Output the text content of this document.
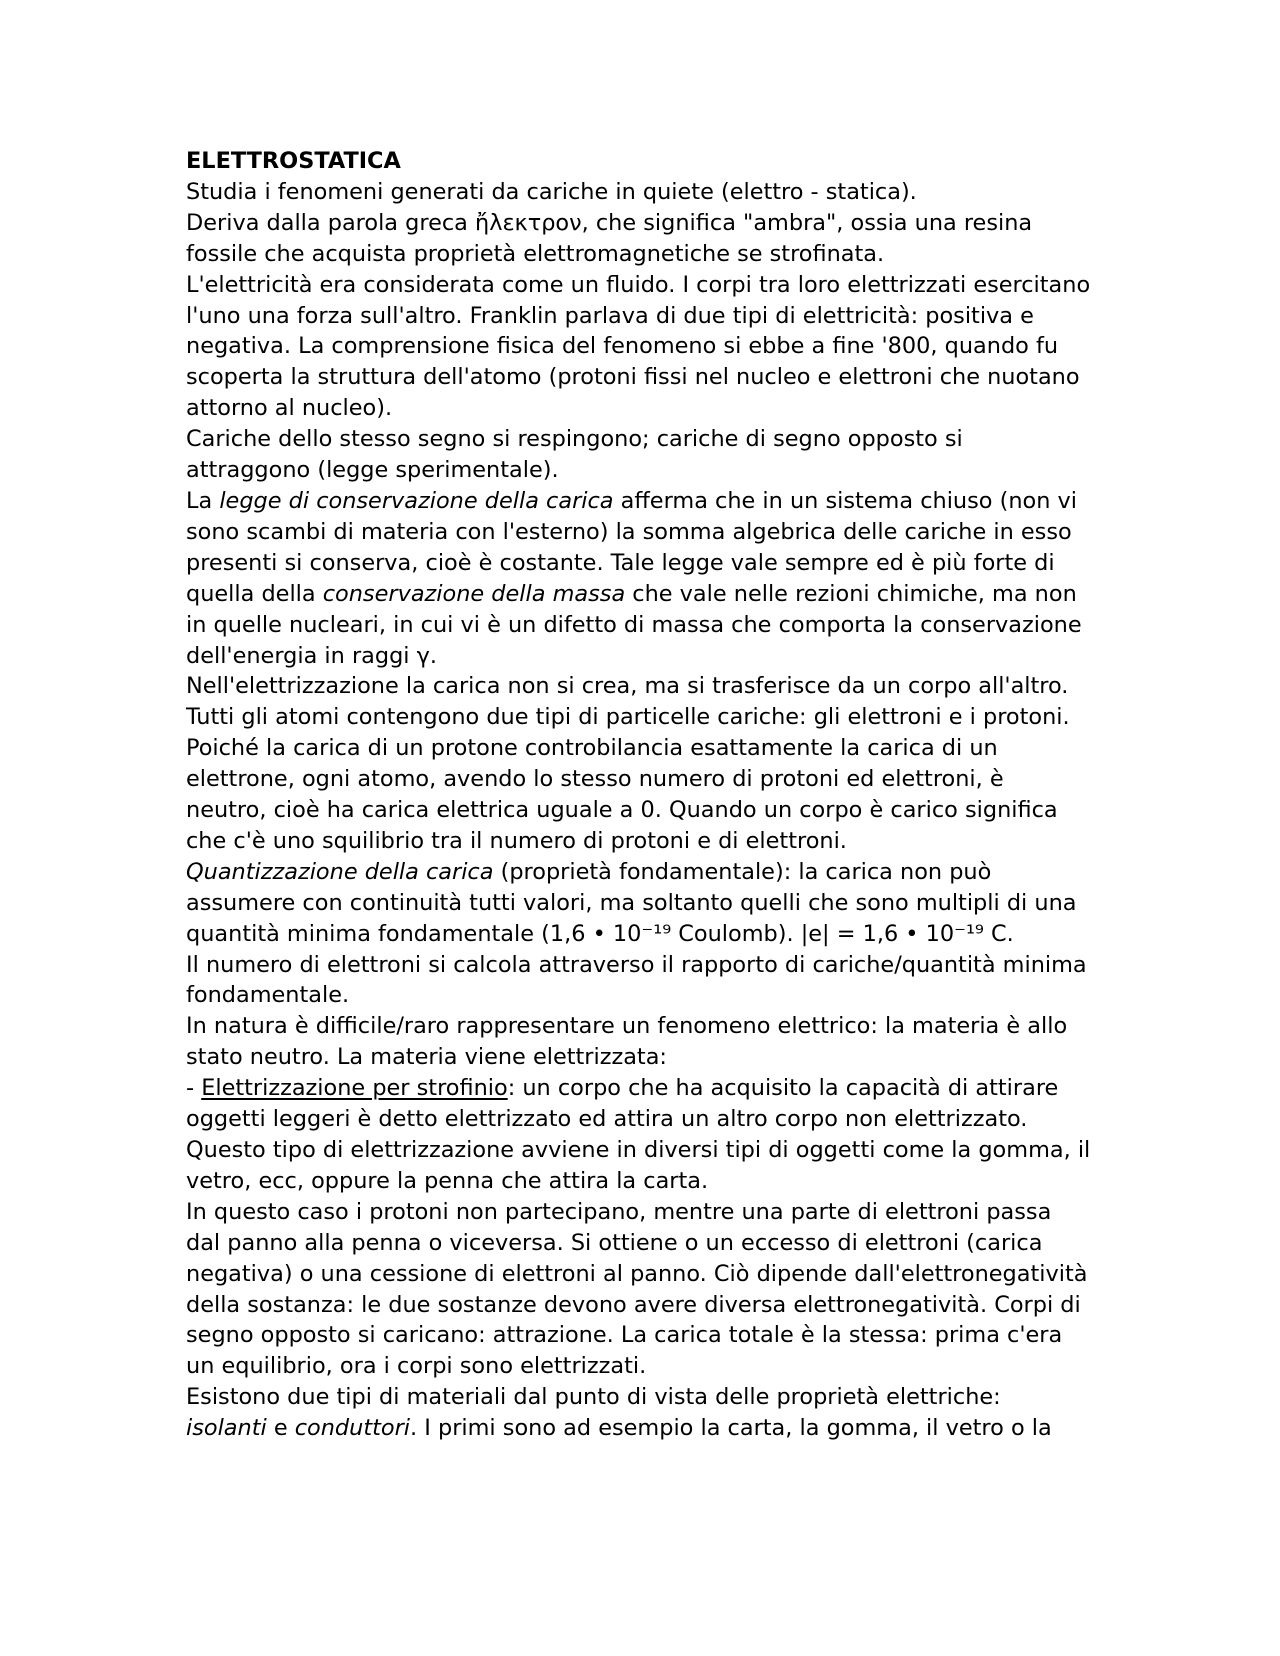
ELETTROSTATICA

Studia i fenomeni generati da cariche in quiete (elettro - statica).

Deriva dalla parola greca ἤλεκτρον, che significa "ambra", ossia una resina fossile che acquista proprietà elettromagnetiche se strofinata.

L'elettricità era considerata come un fluido. I corpi tra loro elettrizzati esercitano l'uno una forza sull'altro. Franklin parlava di due tipi di elettricità: positiva e negativa. La comprensione fisica del fenomeno si ebbe a fine '800, quando fu scoperta la struttura dell'atomo (protoni fissi nel nucleo e elettroni che nuotano attorno al nucleo).

Cariche dello stesso segno si respingono; cariche di segno opposto si attraggono (legge sperimentale).

La legge di conservazione della carica afferma che in un sistema chiuso (non vi sono scambi di materia con l'esterno) la somma algebrica delle cariche in esso presenti si conserva, cioè è costante. Tale legge vale sempre ed è più forte di quella della conservazione della massa che vale nelle rezioni chimiche, ma non in quelle nucleari, in cui vi è un difetto di massa che comporta la conservazione dell'energia in raggi γ.

Nell'elettrizzazione la carica non si crea, ma si trasferisce da un corpo all'altro.

Tutti gli atomi contengono due tipi di particelle cariche: gli elettroni e i protoni. Poiché la carica di un protone controbilancia esattamente la carica di un elettrone, ogni atomo, avendo lo stesso numero di protoni ed elettroni, è neutro, cioè ha carica elettrica uguale a 0. Quando un corpo è carico significa che c'è uno squilibrio tra il numero di protoni e di elettroni.

Quantizzazione della carica (proprietà fondamentale): la carica non può assumere con continuità tutti valori, ma soltanto quelli che sono multipli di una quantità minima fondamentale (1,6 • 10⁻¹⁹ Coulomb). |e| = 1,6 • 10⁻¹⁹ C.

Il numero di elettroni si calcola attraverso il rapporto di cariche/quantità minima fondamentale.

In natura è difficile/raro rappresentare un fenomeno elettrico: la materia è allo stato neutro. La materia viene elettrizzata:

- Elettrizzazione per strofinio: un corpo che ha acquisito la capacità di attirare oggetti leggeri è detto elettrizzato ed attira un altro corpo non elettrizzato. Questo tipo di elettrizzazione avviene in diversi tipi di oggetti come la gomma, il vetro, ecc, oppure la penna che attira la carta.

In questo caso i protoni non partecipano, mentre una parte di elettroni passa dal panno alla penna o viceversa. Si ottiene o un eccesso di elettroni (carica negativa) o una cessione di elettroni al panno. Ciò dipende dall'elettronegatività della sostanza: le due sostanze devono avere diversa elettronegatività. Corpi di segno opposto si caricano: attrazione. La carica totale è la stessa: prima c'era un equilibrio, ora i corpi sono elettrizzati.

Esistono due tipi di materiali dal punto di vista delle proprietà elettriche:

isolanti e conduttori. I primi sono ad esempio la carta, la gomma, il vetro o la
